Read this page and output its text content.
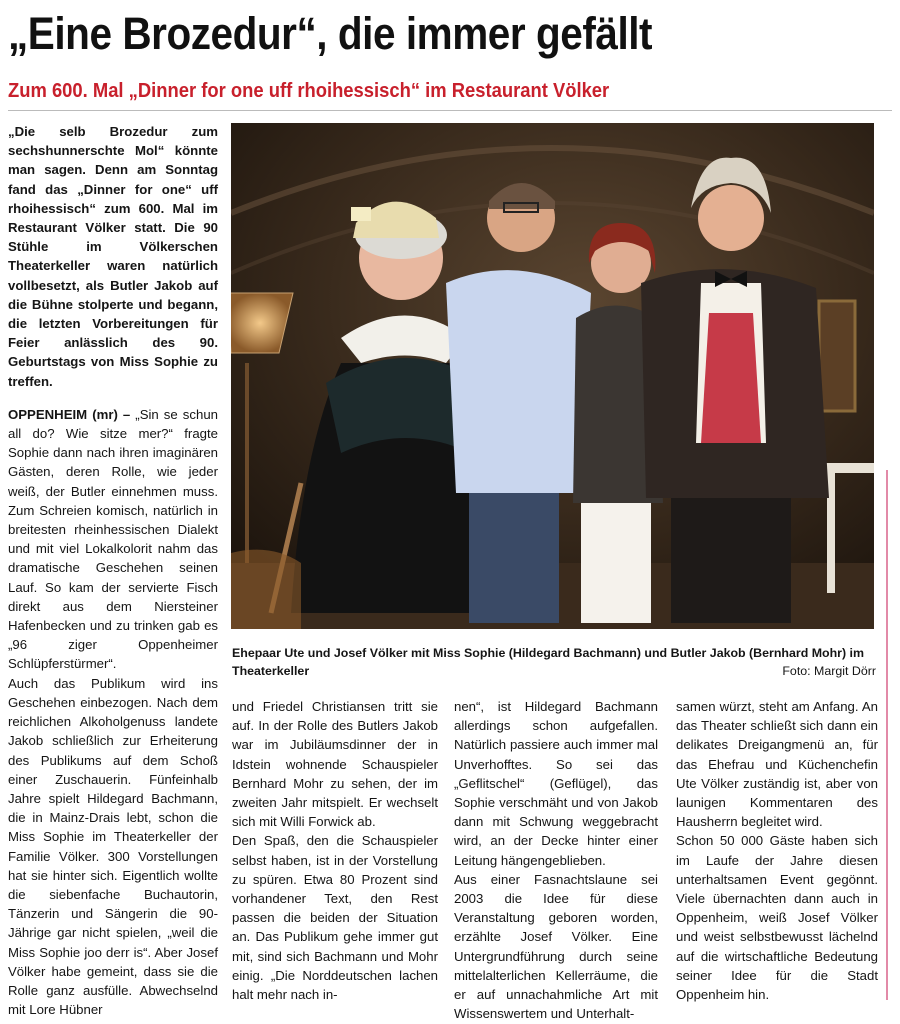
„Eine Brozedur“, die immer gefällt
Zum 600. Mal „Dinner for one uff rhoihessisch“ im Restaurant Völker

„Die selb Brozedur zum sechshunnerschte Mol“ könnte man sagen. Denn am Sonntag fand das „Dinner for one“ uff rhoihessisch“ zum 600. Mal im Restaurant Völker statt. Die 90 Stühle im Völkerschen Theaterkeller waren natürlich vollbesetzt, als Butler Jakob auf die Bühne stolperte und begann, die letzten Vorbereitungen für Feier anlässlich des 90. Geburtstags von Miss Sophie zu treffen.

OPPENHEIM (mr) – „Sin se schun all do? Wie sitze mer?“ fragte Sophie dann nach ihren imaginären Gästen, deren Rolle, wie jeder weiß, der Butler einnehmen muss. Zum Schreien komisch, natürlich in breitesten rheinhessischen Dialekt und mit viel Lokalkolorit nahm das dramatische Geschehen seinen Lauf. So kam der servierte Fisch direkt aus dem Niersteiner Hafenbecken und zu trinken gab es „96 ziger Oppenheimer Schlüpferstürmer“.

Auch das Publikum wird ins Geschehen einbezogen. Nach dem reichlichen Alkoholgenuss landete Jakob schließlich zur Erheiterung des Publikums auf dem Schoß einer Zuschauerin. Fünfeinhalb Jahre spielt Hildegard Bachmann, die in Mainz-Drais lebt, schon die Miss Sophie im Theaterkeller der Familie Völker. 300 Vorstellungen hat sie hinter sich. Eigentlich wollte die siebenfache Buchautorin, Tänzerin und Sängerin die 90-Jährige gar nicht spielen, „weil die Miss Sophie joo derr is“. Aber Josef Völker habe gemeint, dass sie die Rolle ganz ausfülle. Abwechselnd mit Lore Hübner

Ehepaar Ute und Josef Völker mit Miss Sophie (Hildegard Bachmann) und Butler Jakob (Bernhard Mohr) im Theaterkeller	Foto: Margit Dörr

und Friedel Christiansen tritt sie auf. In der Rolle des Butlers Jakob war im Jubiläumsdinner der in Idstein wohnende Schauspieler Bernhard Mohr zu sehen, der im zweiten Jahr mitspielt. Er wechselt sich mit Willi Forwick ab.

Den Spaß, den die Schauspieler selbst haben, ist in der Vorstellung zu spüren. Etwa 80 Prozent sind vorhandener Text, den Rest passen die beiden der Situation an. Das Publikum gehe immer gut mit, sind sich Bachmann und Mohr einig. „Die Norddeutschen lachen halt mehr nach in-

nen“, ist Hildegard Bachmann allerdings schon aufgefallen. Natürlich passiere auch immer mal Unverhofftes. So sei das „Geflitschel“ (Geflügel), das Sophie verschmäht und von Jakob dann mit Schwung weggebracht wird, an der Decke hinter einer Leitung hängengeblieben.

Aus einer Fasnachtslaune sei 2003 die Idee für diese Veranstaltung geboren worden, erzählte Josef Völker. Eine Untergrundführung durch seine mittelalterlichen Kellerräume, die er auf unnachahmliche Art mit Wissenswertem und Unterhalt-

samen würzt, steht am Anfang. An das Theater schließt sich dann ein delikates Dreigangmenü an, für das Ehefrau und Küchenchefin Ute Völker zuständig ist, aber von launigen Kommentaren des Hausherrn begleitet wird.

Schon 50 000 Gäste haben sich im Laufe der Jahre diesen unterhaltsamen Event gegönnt. Viele übernachten dann auch in Oppenheim, weiß Josef Völker und weist selbstbewusst lächelnd auf die wirtschaftliche Bedeutung seiner Idee für die Stadt Oppenheim hin.
